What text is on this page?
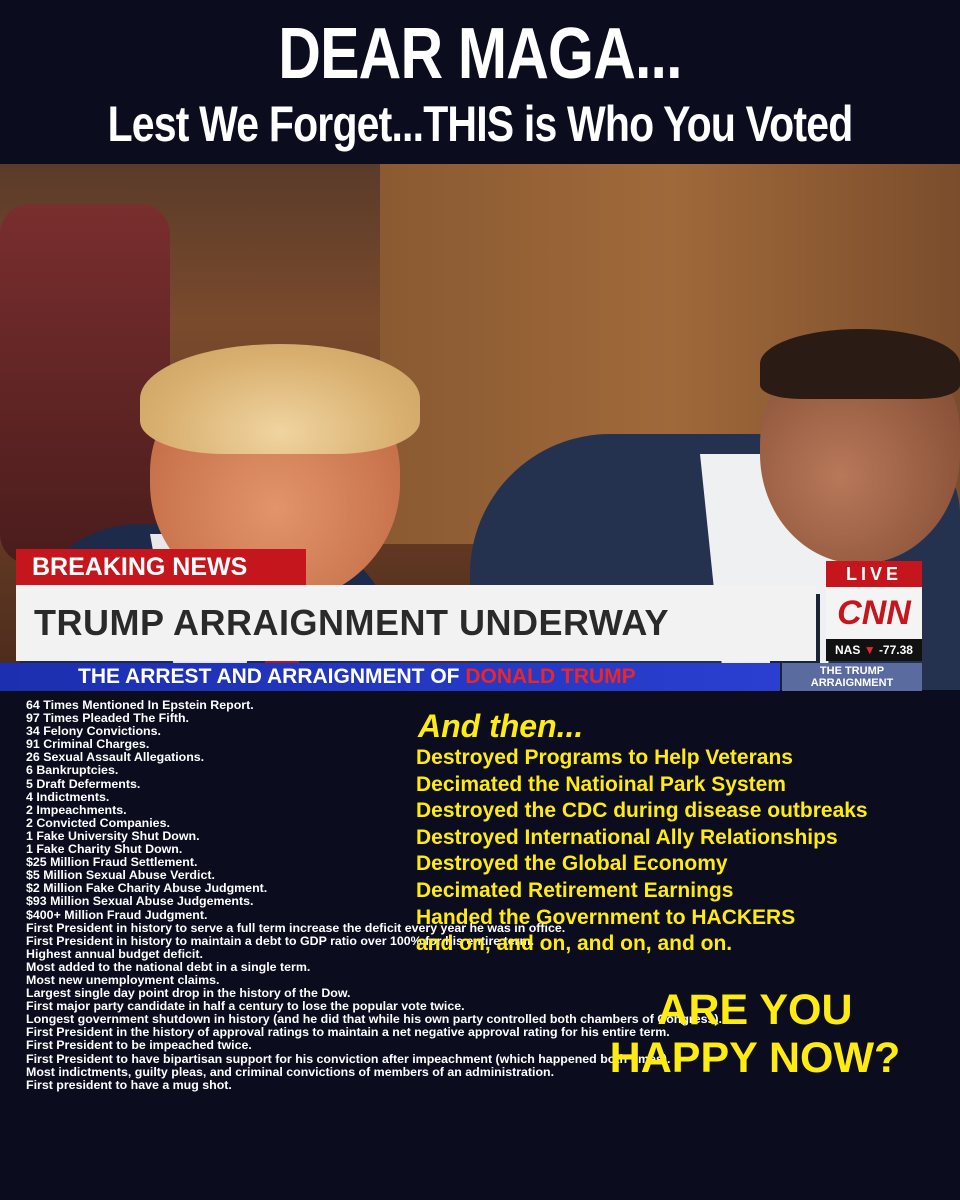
DEAR MAGA...
Lest We Forget...THIS is Who You Voted
BREAKING NEWS
TRUMP ARRAIGNMENT UNDERWAY
LIVE
CNN
NAS ▼ -77.38
THE ARREST AND ARRAIGNMENT OF DONALD TRUMP	THE TRUMP
ARRAIGNMENT
64 Times Mentioned In Epstein Report.
97 Times Pleaded The Fifth.
34 Felony Convictions.
91 Criminal Charges.
26 Sexual Assault Allegations.
6 Bankruptcies.
5 Draft Deferments.
4 Indictments.
2 Impeachments.
2 Convicted Companies.
1 Fake University Shut Down.
1 Fake Charity Shut Down.
$25 Million Fraud Settlement.
$5 Million Sexual Abuse Verdict.
$2 Million Fake Charity Abuse Judgment.
$93 Million Sexual Abuse Judgements.
$400+ Million Fraud Judgment.
First President in history to serve a full term increase the deficit every year he was in office.
First President in history to maintain a debt to GDP ratio over 100% for his entire term.
Highest annual budget deficit.
Most added to the national debt in a single term.
Most new unemployment claims.
Largest single day point drop in the history of the Dow.
First major party candidate in half a century to lose the popular vote twice.
Longest government shutdown in history (and he did that while his own party controlled both chambers of Congress).
First President in the history of approval ratings to maintain a net negative approval rating for his entire term.
First President to be impeached twice.
First President to have bipartisan support for his conviction after impeachment (which happened both times).
Most indictments, guilty pleas, and criminal convictions of members of an administration.
First president to have a mug shot.
And then...
Destroyed Programs to Help Veterans
Decimated the Natioinal Park System
Destroyed the CDC during disease outbreaks
Destroyed International Ally Relationships
Destroyed the Global Economy
Decimated Retirement Earnings
Handed the Government to HACKERS
and on, and on, and on, and on.
ARE YOU
HAPPY NOW?
